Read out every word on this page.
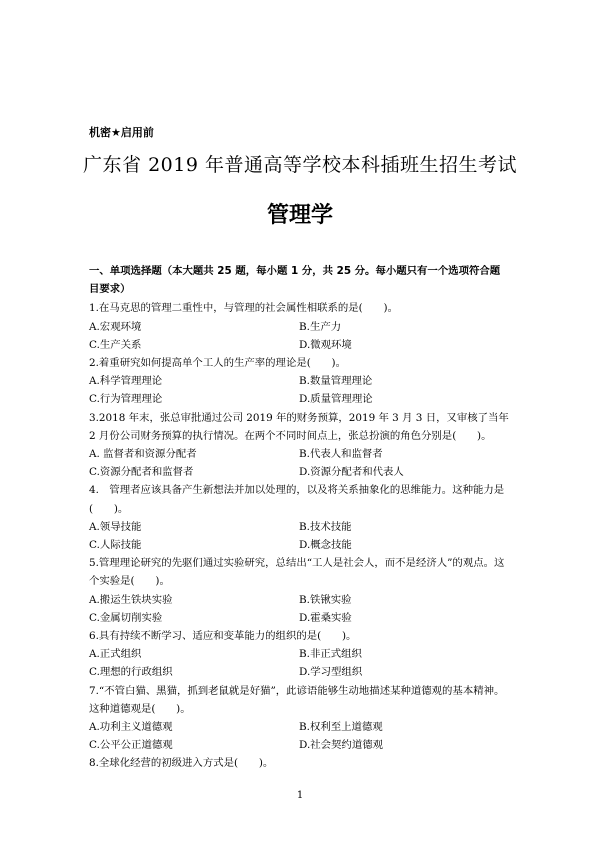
机密★启用前
广东省 2019 年普通高等学校本科插班生招生考试
管理学
一、单项选择题（本大题共 25 题，每小题 1 分，共 25 分。每小题只有一个选项符合题目要求）
1.在马克思的管理二重性中，与管理的社会属性相联系的是(　　)。
A.宏观环境	B.生产力
C.生产关系	D.微观环境
2.着重研究如何提高单个工人的生产率的理论是(　　)。
A.科学管理理论	B.数量管理理论
C.行为管理理论	D.质量管理理论
3.2018 年末，张总审批通过公司 2019 年的财务预算，2019 年 3 月 3 日，又审核了当年 2 月份公司财务预算的执行情况。在两个不同时间点上，张总扮演的角色分别是(　　)。
A. 监督者和资源分配者	B.代表人和监督者
C.资源分配者和监督者	D.资源分配者和代表人
4.　管理者应该具备产生新想法并加以处理的，以及将关系抽象化的思维能力。这种能力是(　　)。
A.领导技能	B.技术技能
C.人际技能	D.概念技能
5.管理理论研究的先驱们通过实验研究，总结出“工人是社会人，而不是经济人”的观点。这个实验是(　　)。
A.搬运生铁块实验	B.铁锹实验
C.金属切削实验	D.霍桑实验
6.具有持续不断学习、适应和变革能力的组织的是(　　)。
A.正式组织	B.非正式组织
C.理想的行政组织	D.学习型组织
7.“不管白猫、黑猫，抓到老鼠就是好猫”，此谚语能够生动地描述某种道德观的基本精神。这种道德观是(　　)。
A.功利主义道德观	B.权利至上道德观
C.公平公正道德观	D.社会契约道德观
8.全球化经营的初级进入方式是(　　)。
1
